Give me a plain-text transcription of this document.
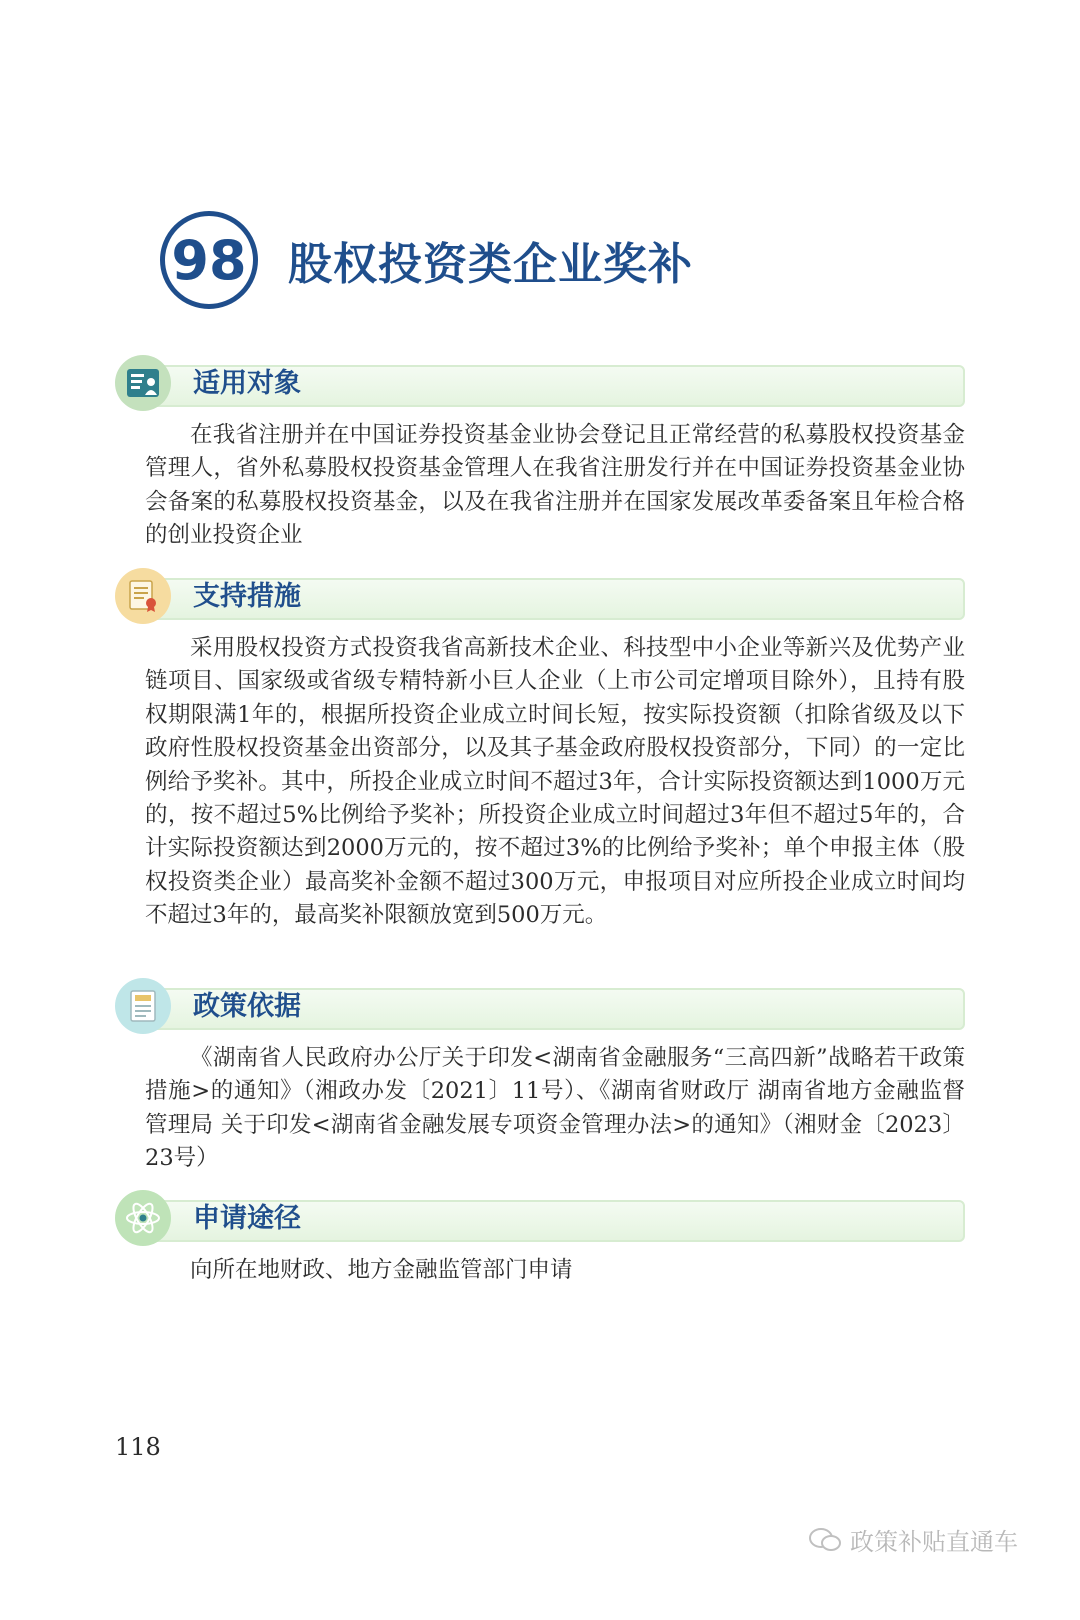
98 股权投资类企业奖补
适用对象
在我省注册并在中国证券投资基金业协会登记且正常经营的私募股权投资基金管理人，省外私募股权投资基金管理人在我省注册发行并在中国证券投资基金业协会备案的私募股权投资基金，以及在我省注册并在国家发展改革委备案且年检合格的创业投资企业
支持措施
采用股权投资方式投资我省高新技术企业、科技型中小企业等新兴及优势产业链项目、国家级或省级专精特新小巨人企业（上市公司定增项目除外），且持有股权期限满1年的，根据所投资企业成立时间长短，按实际投资额（扣除省级及以下政府性股权投资基金出资部分，以及其子基金政府股权投资部分，下同）的一定比例给予奖补。其中，所投企业成立时间不超过3年，合计实际投资额达到1000万元的，按不超过5%比例给予奖补；所投资企业成立时间超过3年但不超过5年的，合计实际投资额达到2000万元的，按不超过3%的比例给予奖补；单个申报主体（股权投资类企业）最高奖补金额不超过300万元，申报项目对应所投企业成立时间均不超过3年的，最高奖补限额放宽到500万元。
政策依据
《湖南省人民政府办公厅关于印发<湖南省金融服务“三高四新”战略若干政策措施>的通知》（湘政办发〔2021〕11号）、《湖南省财政厅 湖南省地方金融监督管理局 关于印发<湖南省金融发展专项资金管理办法>的通知》（湘财金〔2023〕23号）
申请途径
向所在地财政、地方金融监管部门申请
118
政策补贴直通车
